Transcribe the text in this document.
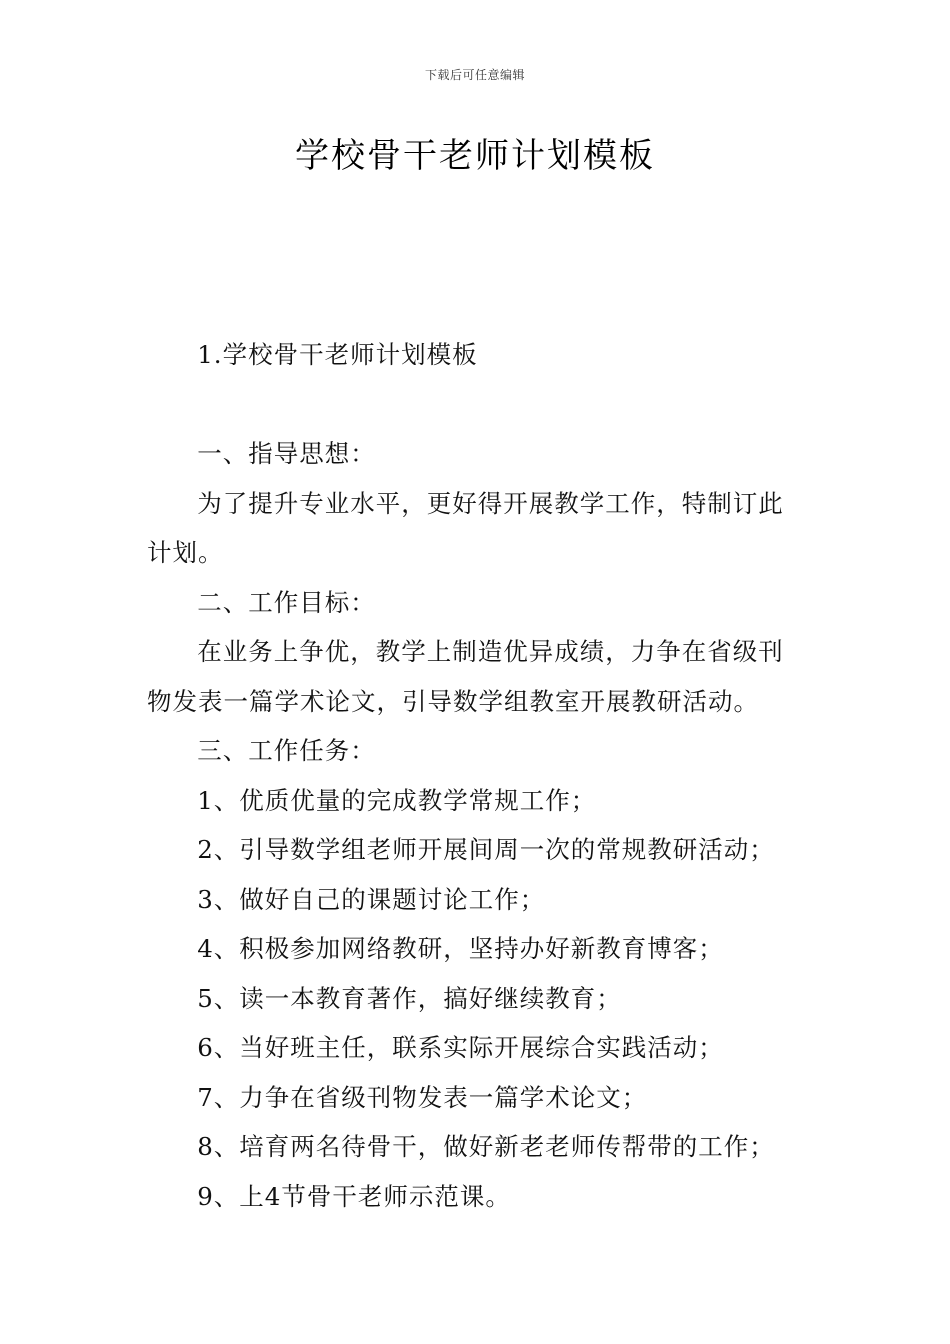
下载后可任意编辑
学校骨干老师计划模板

1.学校骨干老师计划模板

一、指导思想：

为了提升专业水平，更好得开展教学工作，特制订此计划。

二、工作目标：

在业务上争优，教学上制造优异成绩，力争在省级刊物发表一篇学术论文，引导数学组教室开展教研活动。

三、工作任务：

1、优质优量的完成教学常规工作；
2、引导数学组老师开展间周一次的常规教研活动；
3、做好自己的课题讨论工作；
4、积极参加网络教研，坚持办好新教育博客；
5、读一本教育著作，搞好继续教育；
6、当好班主任，联系实际开展综合实践活动；
7、力争在省级刊物发表一篇学术论文；
8、培育两名待骨干，做好新老老师传帮带的工作；
9、上4节骨干老师示范课。
